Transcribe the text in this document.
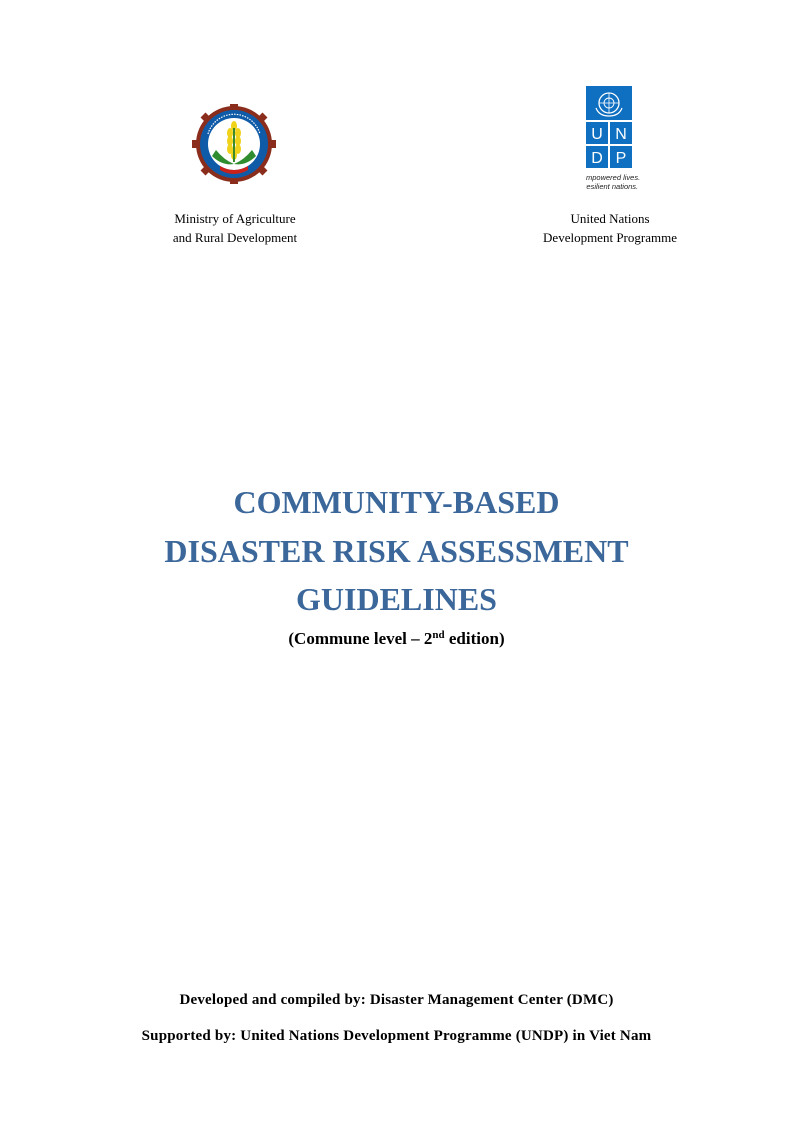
U N
D P
Empowered lives.
Resilient nations.
Ministry of Agriculture
and Rural Development
United Nations
Development Programme
COMMUNITY-BASED
DISASTER RISK ASSESSMENT
GUIDELINES
(Commune level – 2nd edition)
Developed and compiled by: Disaster Management Center (DMC)
Supported by: United Nations Development Programme (UNDP) in Viet Nam
